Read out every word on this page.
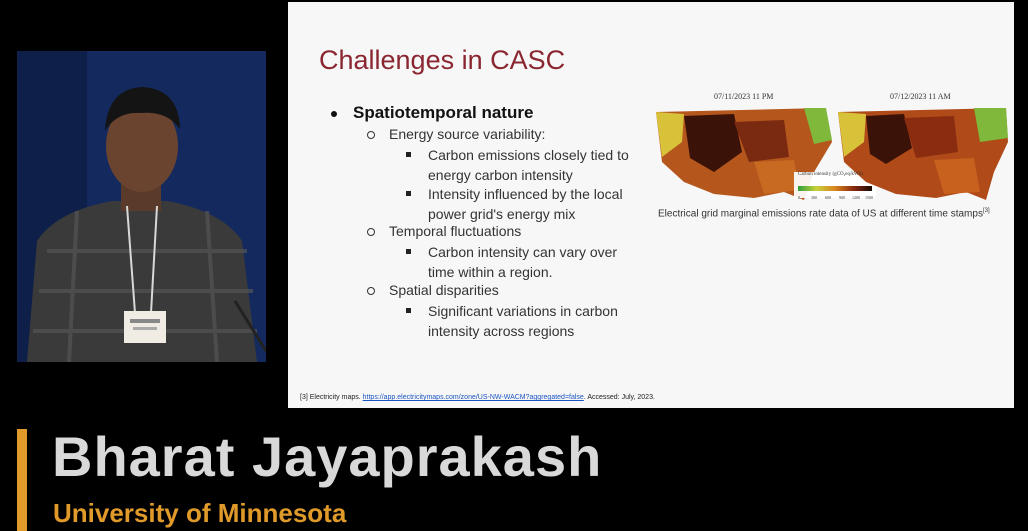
Challenges in CASC
Spatiotemporal nature
Energy source variability:
Carbon emissions closely tied to
energy carbon intensity
Intensity influenced by the local
power grid's energy mix
Temporal fluctuations
Carbon intensity can vary over
time within a region.
Spatial disparities
Significant variations in carbon
intensity across regions
07/11/2023 11 PM	07/12/2023 11 AM
Carbon intensity (gCO₂eq/kWh)
0	300 600 900 1200 1500
Electrical grid marginal emissions rate data of US at different time stamps[3]
[3] Electricity maps. https://app.electricitymaps.com/zone/US-NW-WACM?aggregated=false. Accessed: July, 2023.
Bharat Jayaprakash
University of Minnesota
